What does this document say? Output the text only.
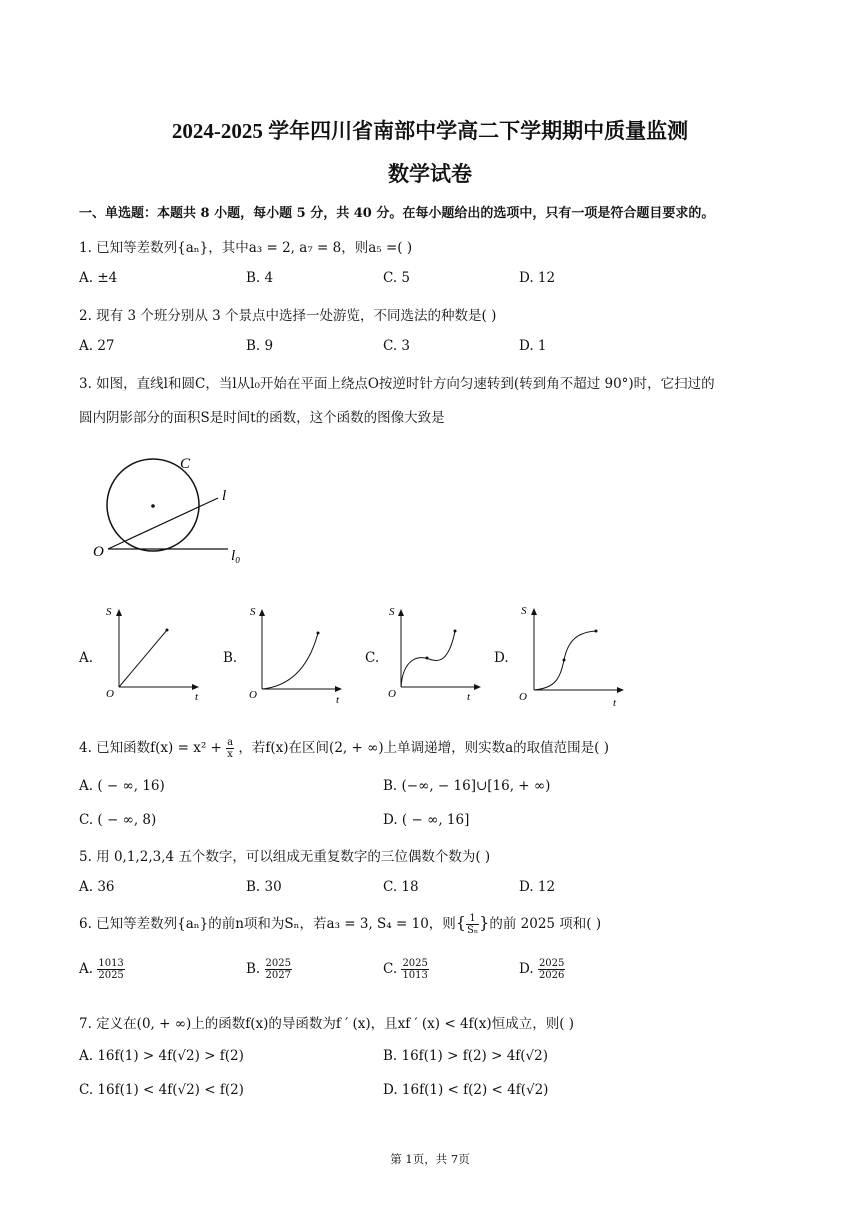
2024-2025 学年四川省南部中学高二下学期期中质量监测
数学试卷
一、单选题：本题共 8 小题，每小题 5 分，共 40 分。在每小题给出的选项中，只有一项是符合题目要求的。
1. 已知等差数列{aₙ}，其中a₃ = 2, a₇ = 8，则a₅ =( )
A. ±4	B. 4	C. 5	D. 12
2. 现有 3 个班分别从 3 个景点中选择一处游览，不同选法的种数是( )
A. 27	B. 9	C. 3	D. 1
3. 如图，直线l和圆C，当l从l₀开始在平面上绕点O按逆时针方向匀速转到(转到角不超过 90°)时，它扫过的
圆内阴影部分的面积S是时间t的函数，这个函数的图像大致是
C
l
l₀
O
A.
S
t
O
B.
S
t
O
C.
S
t
O
D.
S
t
O
4. 已知函数$f(x) = x^2 + \frac{a}{x}$ ，若f(x)在区间(2, + ∞)上单调递增，则实数a的取值范围是( )
A. ( − ∞, 16)	B. (−∞, − 16]∪[16, + ∞)
C. ( − ∞, 8)	D. ( − ∞, 16]
5. 用 0,1,2,3,4 五个数字，可以组成无重复数字的三位偶数个数为( )
A. 36	B. 30	C. 18	D. 12
6. 已知等差数列{aₙ}的前n项和为Sₙ，若a₃ = 3, S₄ = 10，则{ $\frac{1}{\text{Sₙ}}$ }的前 2025 项和( )
A. $\frac{1013}{2025}$	B. $\frac{2025}{2027}$	C. $\frac{2025}{1013}$	D. $\frac{2025}{2026}$
7. 定义在(0, + ∞)上的函数f(x)的导函数为f ′ (x)，且xf ′ (x) < 4f(x)恒成立，则( )
A. 16f(1) > 4f(√2) > f(2)	B. 16f(1) > f(2) > 4f(√2)
C. 16f(1) < 4f(√2) < f(2)	D. 16f(1) < f(2) < 4f(√2)
第 1页，共 7页
